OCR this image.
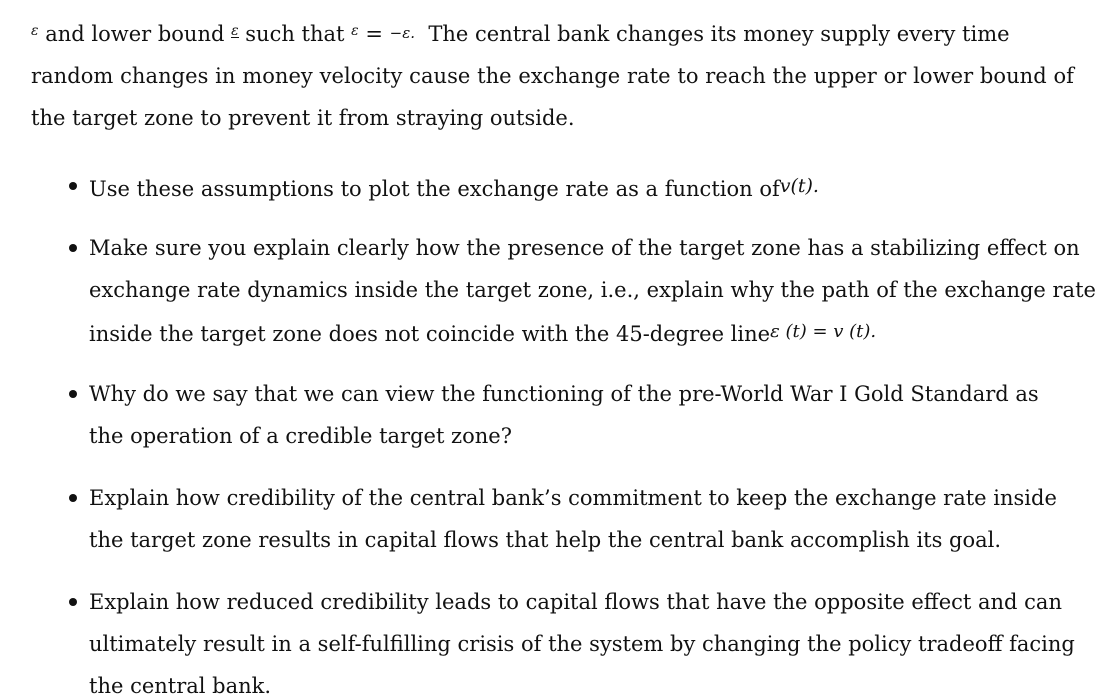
$^\varepsilon$ and lower bound ε such that $^\varepsilon$ = −ε. The central bank changes its money supply every time
random changes in money velocity cause the exchange rate to reach the upper or lower bound of
the target zone to prevent it from straying outside.
Use these assumptions to plot the exchange rate as a function ofv(t).
Make sure you explain clearly how the presence of the target zone has a stabilizing effect on
exchange rate dynamics inside the target zone, i.e., explain why the path of the exchange rate
inside the target zone does not coincide with the 45-degree lineε (t) = v (t).
Why do we say that we can view the functioning of the pre-World War I Gold Standard as
the operation of a credible target zone?
Explain how credibility of the central bank’s commitment to keep the exchange rate inside
the target zone results in capital flows that help the central bank accomplish its goal.
Explain how reduced credibility leads to capital flows that have the opposite effect and can
ultimately result in a self-fulfilling crisis of the system by changing the policy tradeoff facing
the central bank.
